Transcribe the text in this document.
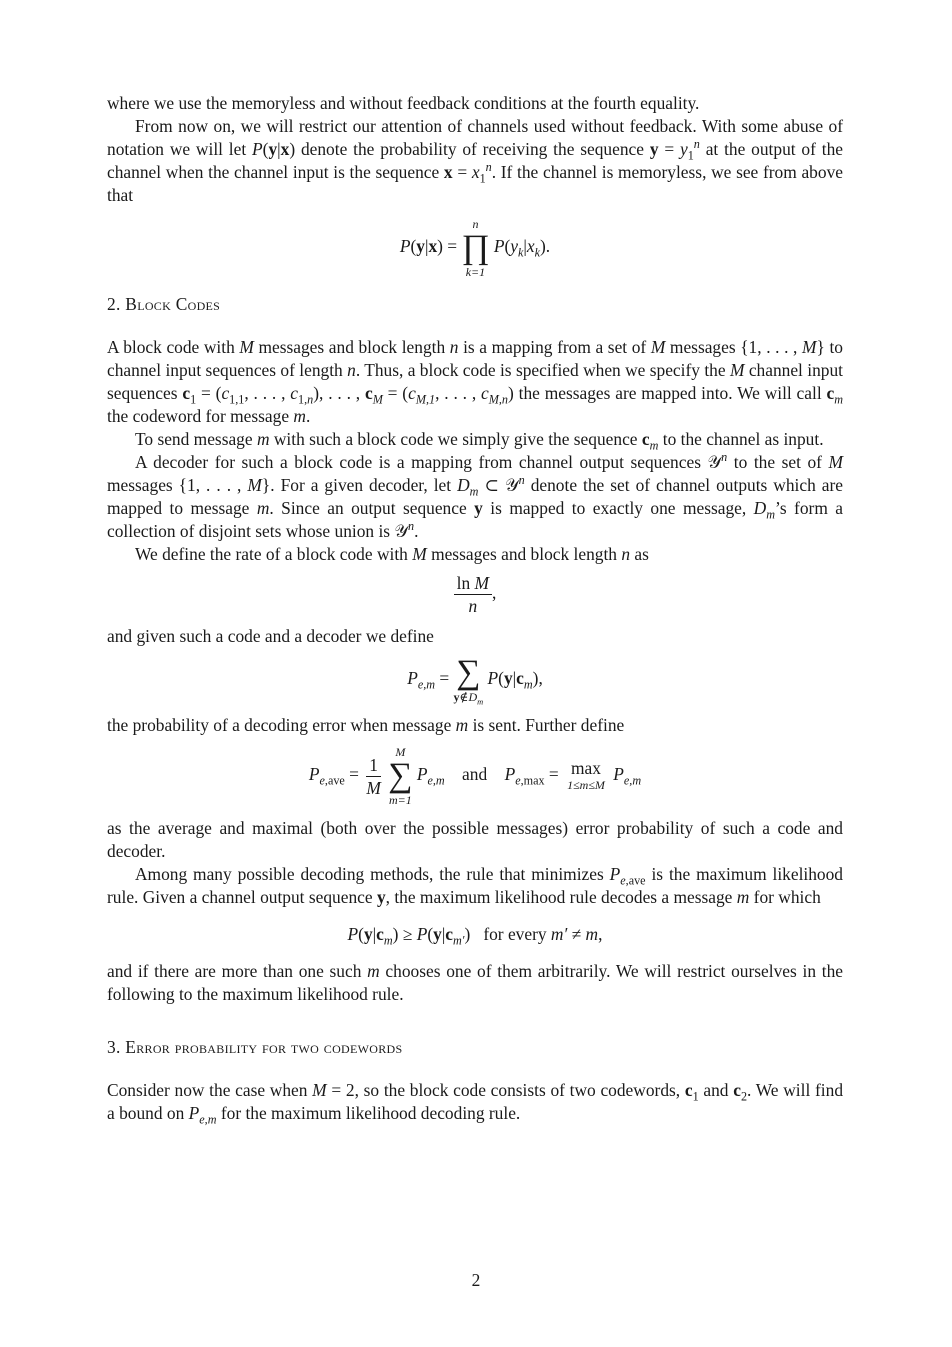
where we use the memoryless and without feedback conditions at the fourth equality.

From now on, we will restrict our attention of channels used without feedback. With some abuse of notation we will let P(y|x) denote the probability of receiving the sequence $y = y_1^n$ at the output of the channel when the channel input is the sequence $x = x_1^n$. If the channel is memoryless, we see from above that

P(y|x) =
n
∏
k=1
$P(y_k|x_k)$.
2. Block Codes

A block code with M messages and block length n is a mapping from a set of M messages {1, . . . , M} to channel input sequences of length n. Thus, a block code is specified when we specify the M channel input sequences $c_1 = (c_{1,1}$, . . . , $c_{1,n}$), . . . , $c_M = (c_{M,1}$, . . . , $c_{M,n}$) the messages are mapped into. We will call $c_m$ the codeword for message m.

To send message m with such a block code we simply give the sequence $c_m$ to the channel as input.

A decoder for such a block code is a mapping from channel output sequences 𝒴$^n$ to the set of M messages {1, . . . , M}. For a given decoder, let $D_m$ ⊂ 𝒴$^n$ denote the set of channel outputs which are mapped to message m. Since an output sequence y is mapped to exactly one message, $D_m’s$ form a collection of disjoint sets whose union is 𝒴$^n$.

We define the rate of a block code with M messages and block length n as

$\frac{\text{ln M}}{n}$ ,

and given such a code and a decoder we define

$P_{e,m}$ = ∑
$y\notin D_m$
$P(y|c_m)$,

the probability of a decoding error when message m is sent. Further define

$P_{e,ave} = \frac{1}{M}$

M
∑
m=1
$P_{e,m}$    and    $P_{e,max} = \max$
1≤m≤M
$P_{e,m}$

as the average and maximal (both over the possible messages) error probability of such a code and decoder.

Among many possible decoding methods, the rule that minimizes $P_{e,ave}$ is the maximum likelihood rule. Given a channel output sequence y, the maximum likelihood rule decodes a message m for which

$P(y|c_m) \ge P(y|c_{m'})$   for every m′ ≠ m,

and if there are more than one such m chooses one of them arbitrarily. We will restrict ourselves in the following to the maximum likelihood rule.

3. Error probability for two codewords

Consider now the case when M = 2, so the block code consists of two codewords, $c_1$ and $c_2$. We will find a bound on $P_{e,m}$ for the maximum likelihood decoding rule.

2
